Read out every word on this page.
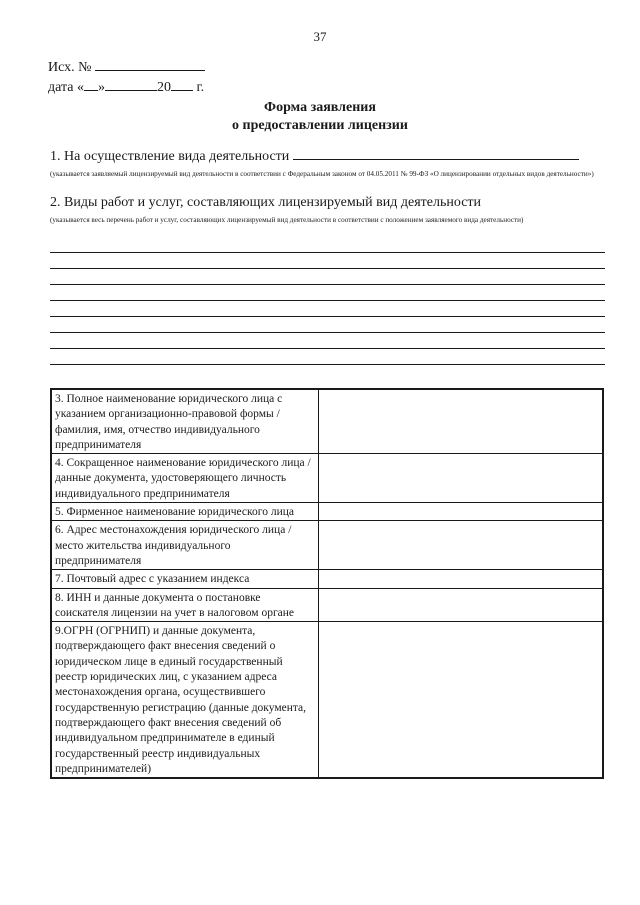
37
Исх. №
дата « »	20 г.
Форма заявления
о предоставлении лицензии
1. На осуществление вида деятельности
(указывается заявляемый лицензируемый вид деятельности в соответствии с Федеральным законом от 04.05.2011 № 99-ФЗ «О лицензировании отдельных видов деятельности»)
2. Виды работ и услуг, составляющих лицензируемый вид деятельности
(указывается весь перечень работ и услуг, составляющих лицензируемый вид деятельности в соответствии с положением заявляемого вида деятельности)
3. Полное наименование юридического лица с указанием организационно-правовой формы / фамилия, имя, отчество индивидуального предпринимателя	
4. Сокращенное наименование юридического лица / данные документа, удостоверяющего личность индивидуального предпринимателя	
5. Фирменное наименование юридического лица	
6. Адрес местонахождения юридического лица / место жительства индивидуального предпринимателя	
7. Почтовый адрес с указанием индекса	
8. ИНН и данные документа о постановке соискателя лицензии на учет в налоговом органе	
9.ОГРН (ОГРНИП) и данные документа, подтверждающего факт внесения сведений о юридическом лице в единый государственный реестр юридических лиц, с указанием адреса местонахождения органа, осуществившего государственную регистрацию (данные документа, подтверждающего факт внесения сведений об индивидуальном предпринимателе в единый государственный реестр индивидуальных предпринимателей)	
